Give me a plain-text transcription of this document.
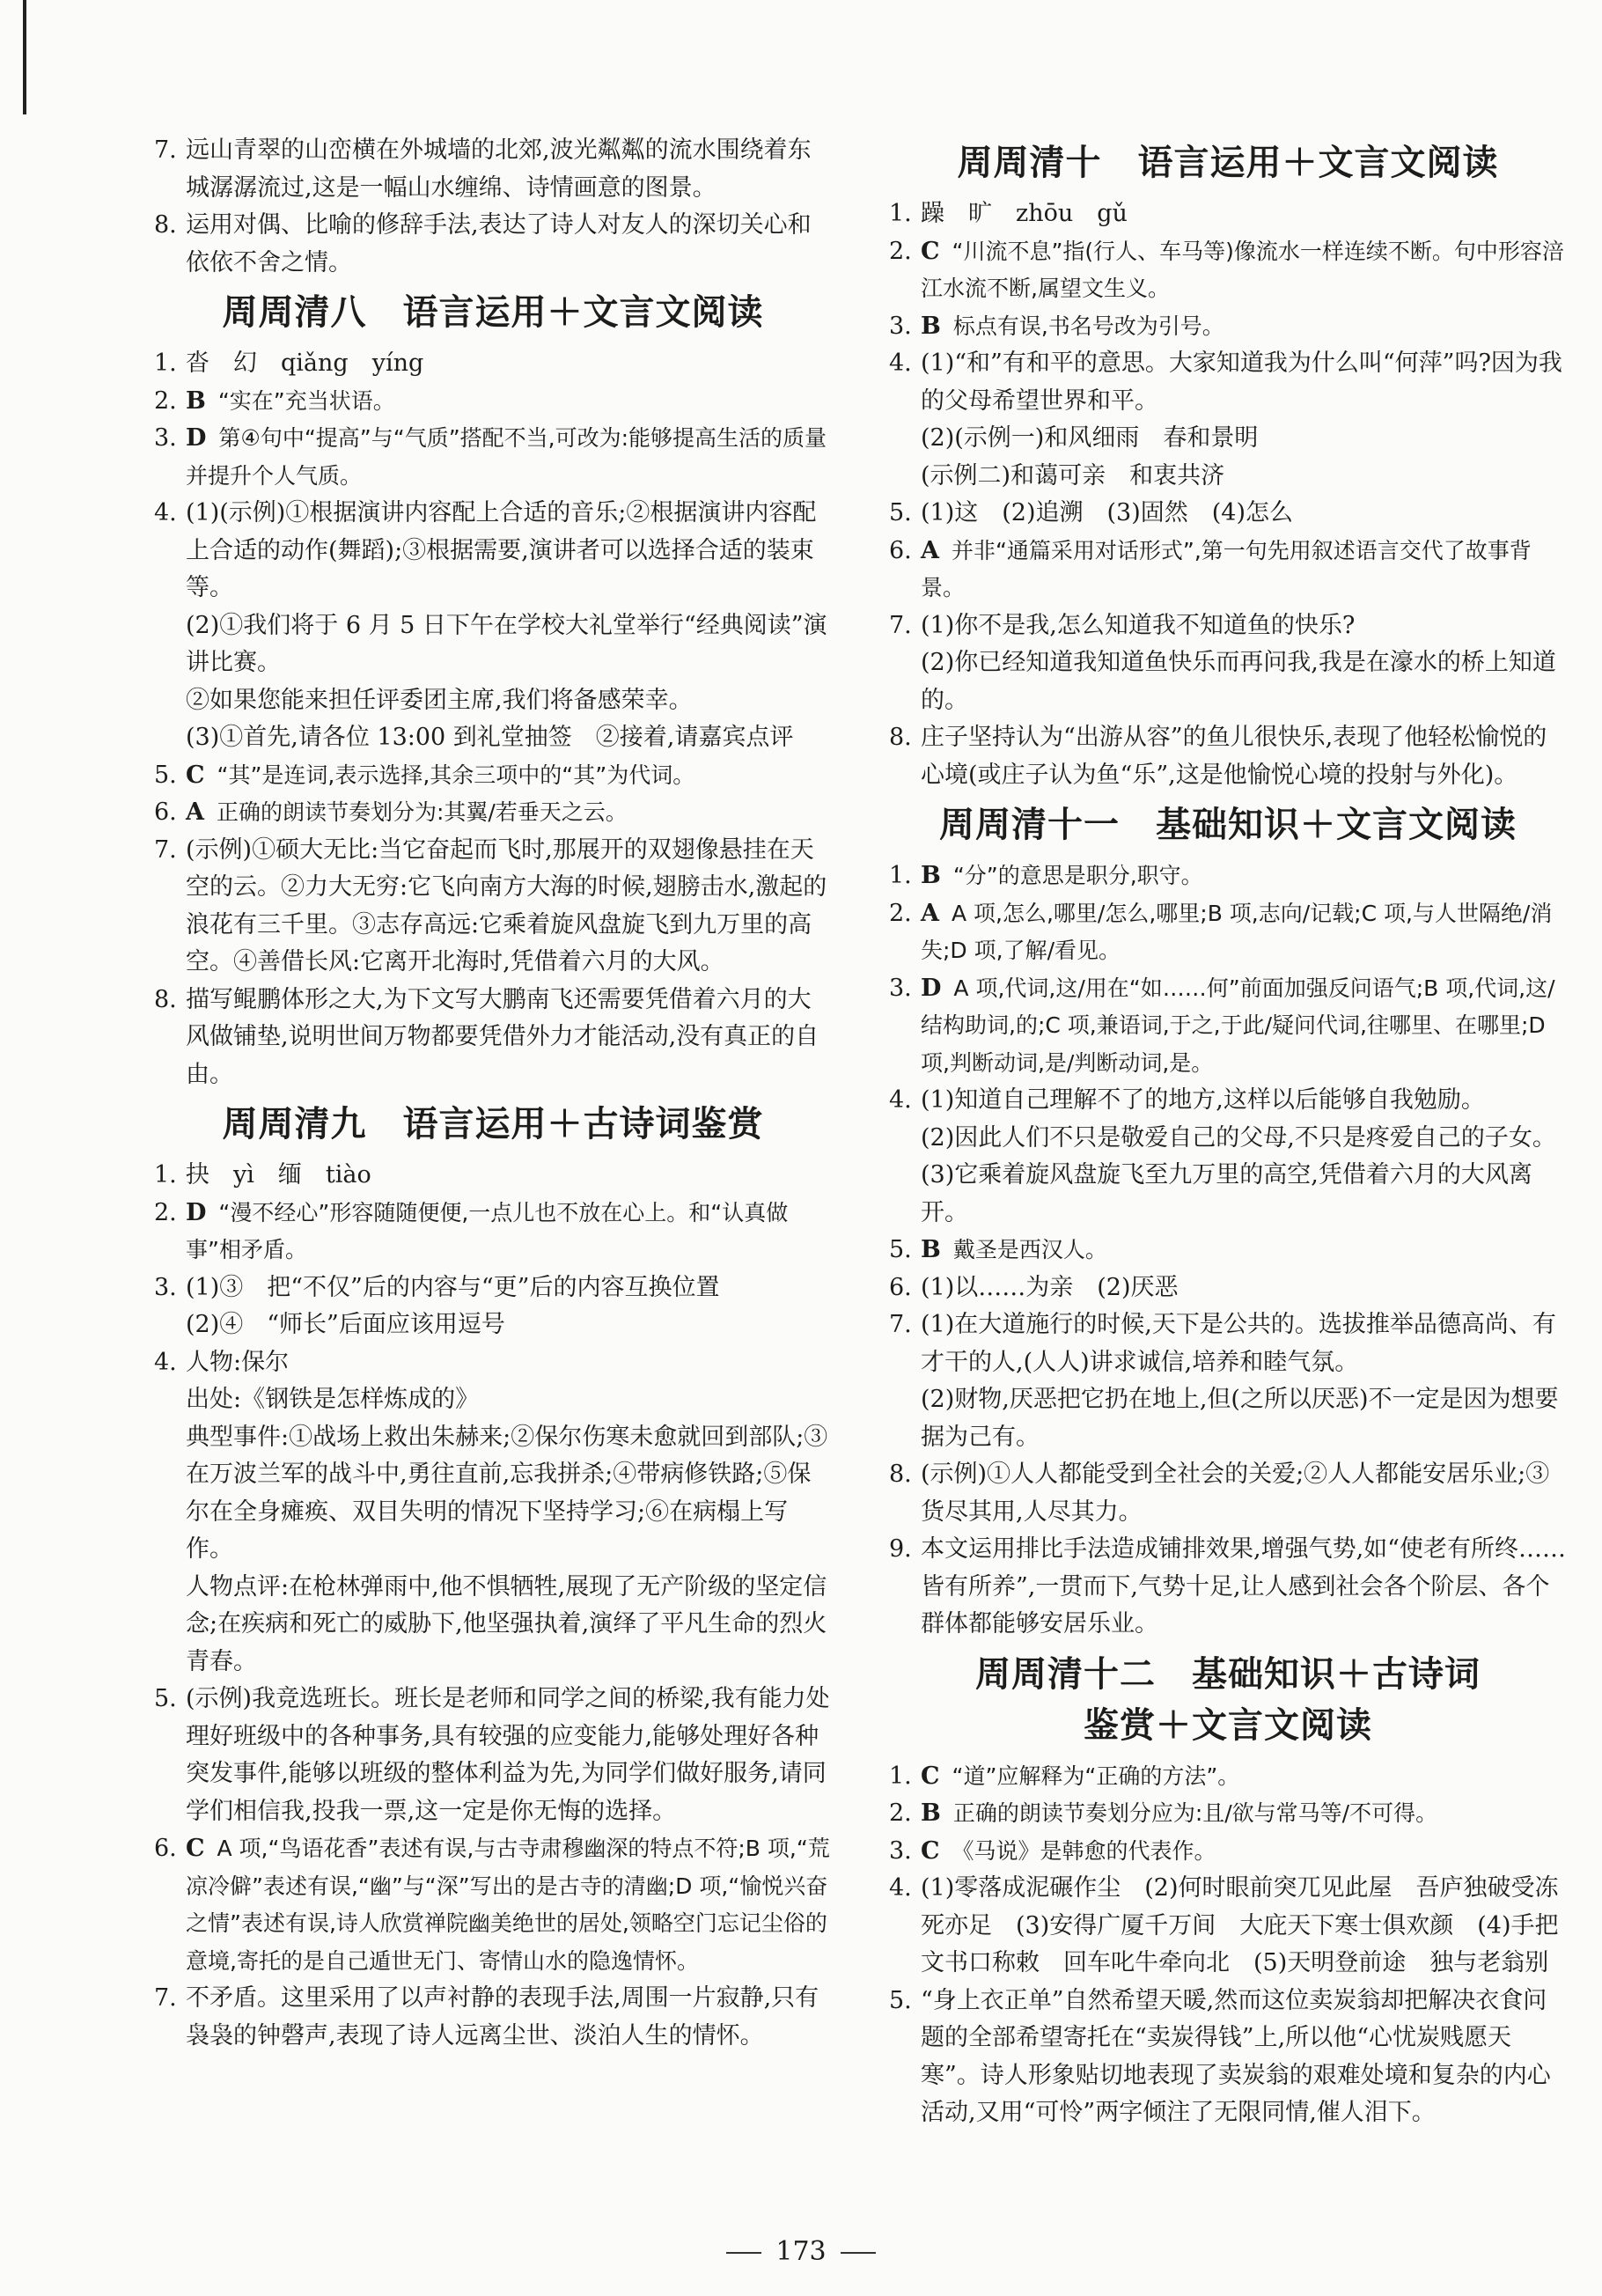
7. 远山青翠的山峦横在外城墙的北郊,波光粼粼的流水围绕着东城潺潺流过,这是一幅山水缠绵、诗情画意的图景。
8. 运用对偶、比喻的修辞手法,表达了诗人对友人的深切关心和依依不舍之情。
周周清八　语言运用＋文言文阅读
1. 沓　幻　qiǎng　yíng
2. B “实在”充当状语。
3. D 第④句中“提高”与“气质”搭配不当,可改为:能够提高生活的质量并提升个人气质。
4. (1)(示例)①根据演讲内容配上合适的音乐;②根据演讲内容配上合适的动作(舞蹈);③根据需要,演讲者可以选择合适的装束等。
(2)①我们将于 6 月 5 日下午在学校大礼堂举行“经典阅读”演讲比赛。
②如果您能来担任评委团主席,我们将备感荣幸。
(3)①首先,请各位 13:00 到礼堂抽签　②接着,请嘉宾点评
5. C “其”是连词,表示选择,其余三项中的“其”为代词。
6. A 正确的朗读节奏划分为:其翼/若垂天之云。
7. (示例)①硕大无比:当它奋起而飞时,那展开的双翅像悬挂在天空的云。②力大无穷:它飞向南方大海的时候,翅膀击水,激起的浪花有三千里。③志存高远:它乘着旋风盘旋飞到九万里的高空。④善借长风:它离开北海时,凭借着六月的大风。
8. 描写鲲鹏体形之大,为下文写大鹏南飞还需要凭借着六月的大风做铺垫,说明世间万物都要凭借外力才能活动,没有真正的自由。
周周清九　语言运用＋古诗词鉴赏
1. 抉　yì　缅　tiào
2. D “漫不经心”形容随随便便,一点儿也不放在心上。和“认真做事”相矛盾。
3. (1)③　把“不仅”后的内容与“更”后的内容互换位置
(2)④　“师长”后面应该用逗号
4. 人物:保尔
出处:《钢铁是怎样炼成的》
典型事件:①战场上救出朱赫来;②保尔伤寒未愈就回到部队;③在万波兰军的战斗中,勇往直前,忘我拼杀;④带病修铁路;⑤保尔在全身瘫痪、双目失明的情况下坚持学习;⑥在病榻上写作。
人物点评:在枪林弹雨中,他不惧牺牲,展现了无产阶级的坚定信念;在疾病和死亡的威胁下,他坚强执着,演绎了平凡生命的烈火青春。
5. (示例)我竞选班长。班长是老师和同学之间的桥梁,我有能力处理好班级中的各种事务,具有较强的应变能力,能够处理好各种突发事件,能够以班级的整体利益为先,为同学们做好服务,请同学们相信我,投我一票,这一定是你无悔的选择。
6. C A 项,“鸟语花香”表述有误,与古寺肃穆幽深的特点不符;B 项,“荒凉冷僻”表述有误,“幽”与“深”写出的是古寺的清幽;D 项,“愉悦兴奋之情”表述有误,诗人欣赏禅院幽美绝世的居处,领略空门忘记尘俗的意境,寄托的是自己遁世无门、寄情山水的隐逸情怀。
7. 不矛盾。这里采用了以声衬静的表现手法,周围一片寂静,只有袅袅的钟磬声,表现了诗人远离尘世、淡泊人生的情怀。
周周清十　语言运用＋文言文阅读
1. 躁　旷　zhōu　gǔ
2. C “川流不息”指(行人、车马等)像流水一样连续不断。句中形容涪江水流不断,属望文生义。
3. B 标点有误,书名号改为引号。
4. (1)“和”有和平的意思。大家知道我为什么叫“何萍”吗?因为我的父母希望世界和平。
(2)(示例一)和风细雨　春和景明
(示例二)和蔼可亲　和衷共济
5. (1)这　(2)追溯　(3)固然　(4)怎么
6. A 并非“通篇采用对话形式”,第一句先用叙述语言交代了故事背景。
7. (1)你不是我,怎么知道我不知道鱼的快乐?
(2)你已经知道我知道鱼快乐而再问我,我是在濠水的桥上知道的。
8. 庄子坚持认为“出游从容”的鱼儿很快乐,表现了他轻松愉悦的心境(或庄子认为鱼“乐”,这是他愉悦心境的投射与外化)。
周周清十一　基础知识＋文言文阅读
1. B “分”的意思是职分,职守。
2. A A 项,怎么,哪里/怎么,哪里;B 项,志向/记载;C 项,与人世隔绝/消失;D 项,了解/看见。
3. D A 项,代词,这/用在“如……何”前面加强反问语气;B 项,代词,这/结构助词,的;C 项,兼语词,于之,于此/疑问代词,往哪里、在哪里;D 项,判断动词,是/判断动词,是。
4. (1)知道自己理解不了的地方,这样以后能够自我勉励。
(2)因此人们不只是敬爱自己的父母,不只是疼爱自己的子女。
(3)它乘着旋风盘旋飞至九万里的高空,凭借着六月的大风离开。
5. B 戴圣是西汉人。
6. (1)以……为亲　(2)厌恶
7. (1)在大道施行的时候,天下是公共的。选拔推举品德高尚、有才干的人,(人人)讲求诚信,培养和睦气氛。
(2)财物,厌恶把它扔在地上,但(之所以厌恶)不一定是因为想要据为己有。
8. (示例)①人人都能受到全社会的关爱;②人人都能安居乐业;③货尽其用,人尽其力。
9. 本文运用排比手法造成铺排效果,增强气势,如“使老有所终……皆有所养”,一贯而下,气势十足,让人感到社会各个阶层、各个群体都能够安居乐业。
周周清十二　基础知识＋古诗词
鉴赏＋文言文阅读
1. C “道”应解释为“正确的方法”。
2. B 正确的朗读节奏划分应为:且/欲与常马等/不可得。
3. C 《马说》是韩愈的代表作。
4. (1)零落成泥碾作尘　(2)何时眼前突兀见此屋　吾庐独破受冻死亦足　(3)安得广厦千万间　大庇天下寒士俱欢颜　(4)手把文书口称敕　回车叱牛牵向北　(5)天明登前途　独与老翁别
5. “身上衣正单”自然希望天暖,然而这位卖炭翁却把解决衣食问题的全部希望寄托在“卖炭得钱”上,所以他“心忧炭贱愿天寒”。诗人形象贴切地表现了卖炭翁的艰难处境和复杂的内心活动,又用“可怜”两字倾注了无限同情,催人泪下。
173
